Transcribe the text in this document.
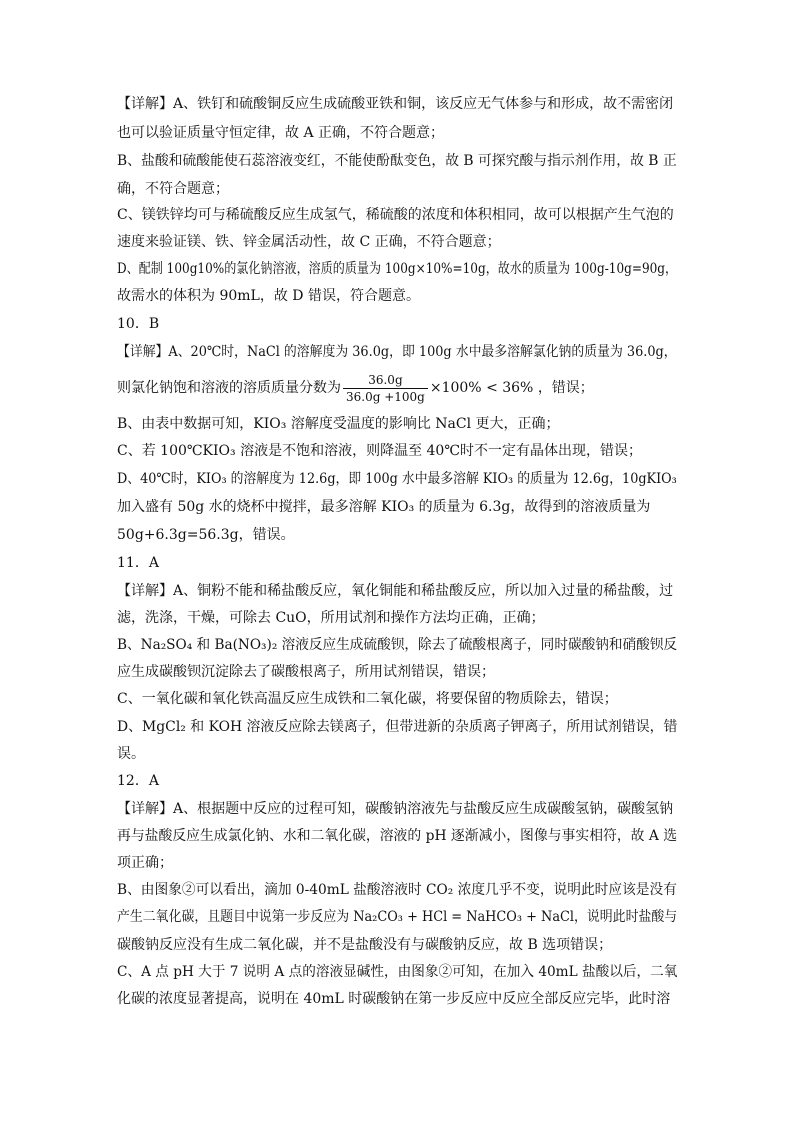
【详解】A、铁钉和硫酸铜反应生成硫酸亚铁和铜，该反应无气体参与和形成，故不需密闭
也可以验证质量守恒定律，故 A 正确，不符合题意；
B、盐酸和硫酸能使石蕊溶液变红，不能使酚酞变色，故 B 可探究酸与指示剂作用，故 B 正
确，不符合题意；
C、镁铁锌均可与稀硫酸反应生成氢气，稀硫酸的浓度和体积相同，故可以根据产生气泡的
速度来验证镁、铁、锌金属活动性，故 C 正确，不符合题意；
D、配制 100g10%的氯化钠溶液，溶质的质量为 100g×10%=10g，故水的质量为 100g-10g=90g，
故需水的体积为 90mL，故 D 错误，符合题意。
10．B
【详解】A、20℃时，NaCl 的溶解度为 36.0g，即 100g 水中最多溶解氯化钠的质量为 36.0g，
则氯化钠饱和溶液的溶质质量分数为 $\frac{36.0g}{36.0g +100g} \times 100\% < 36\%$ ，错误；
B、由表中数据可知，KIO₃ 溶解度受温度的影响比 NaCl 更大，正确；
C、若 100℃KIO₃ 溶液是不饱和溶液，则降温至 40℃时不一定有晶体出现，错误；
D、40℃时，KIO₃ 的溶解度为 12.6g，即 100g 水中最多溶解 KIO₃ 的质量为 12.6g，10gKIO₃
加入盛有 50g 水的烧杯中搅拌，最多溶解 KIO₃ 的质量为 6.3g，故得到的溶液质量为
50g+6.3g=56.3g，错误。
11．A
【详解】A、铜粉不能和稀盐酸反应，氧化铜能和稀盐酸反应，所以加入过量的稀盐酸，过
滤，洗涤，干燥，可除去 CuO，所用试剂和操作方法均正确，正确；
B、Na₂SO₄ 和 Ba(NO₃)₂ 溶液反应生成硫酸钡，除去了硫酸根离子，同时碳酸钠和硝酸钡反
应生成碳酸钡沉淀除去了碳酸根离子，所用试剂错误，错误；
C、一氧化碳和氧化铁高温反应生成铁和二氧化碳，将要保留的物质除去，错误；
D、MgCl₂ 和 KOH 溶液反应除去镁离子，但带进新的杂质离子钾离子，所用试剂错误，错
误。
12．A
【详解】A、根据题中反应的过程可知，碳酸钠溶液先与盐酸反应生成碳酸氢钠，碳酸氢钠
再与盐酸反应生成氯化钠、水和二氧化碳，溶液的 pH 逐渐减小，图像与事实相符，故 A 选
项正确；
B、由图象②可以看出，滴加 0-40mL 盐酸溶液时 CO₂ 浓度几乎不变，说明此时应该是没有
产生二氧化碳，且题目中说第一步反应为 Na₂CO₃ + HCl = NaHCO₃ + NaCl，说明此时盐酸与
碳酸钠反应没有生成二氧化碳，并不是盐酸没有与碳酸钠反应，故 B 选项错误；
C、A 点 pH 大于 7 说明 A 点的溶液显碱性，由图象②可知，在加入 40mL 盐酸以后，二氧
化碳的浓度显著提高，说明在 40mL 时碳酸钠在第一步反应中反应全部反应完毕，此时溶
